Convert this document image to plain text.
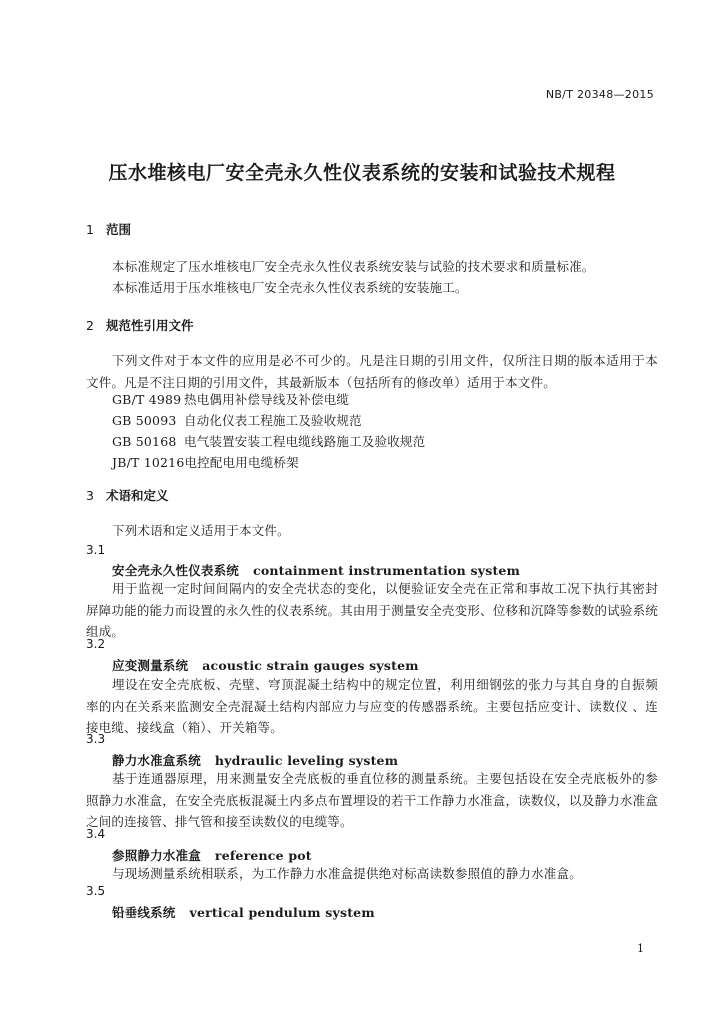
NB/T 20348—2015
压水堆核电厂安全壳永久性仪表系统的安装和试验技术规程
1 范围
本标准规定了压水堆核电厂安全壳永久性仪表系统安装与试验的技术要求和质量标准。
本标准适用于压水堆核电厂安全壳永久性仪表系统的安装施工。
2 规范性引用文件
下列文件对于本文件的应用是必不可少的。凡是注日期的引用文件，仅所注日期的版本适用于本文件。凡是不注日期的引用文件，其最新版本（包括所有的修改单）适用于本文件。
GB/T 4989 热电偶用补偿导线及补偿电缆
GB 50093 自动化仪表工程施工及验收规范
GB 50168 电气装置安装工程电缆线路施工及验收规范
JB/T 10216电控配电用电缆桥架
3 术语和定义
下列术语和定义适用于本文件。
3.1
安全壳永久性仪表系统 containment instrumentation system
用于监视一定时间间隔内的安全壳状态的变化，以便验证安全壳在正常和事故工况下执行其密封屏障功能的能力而设置的永久性的仪表系统。其由用于测量安全壳变形、位移和沉降等参数的试验系统组成。
3.2
应变测量系统 acoustic strain gauges system
埋设在安全壳底板、壳壁、穹顶混凝土结构中的规定位置，利用细钢弦的张力与其自身的自振频率的内在关系来监测安全壳混凝土结构内部应力与应变的传感器系统。主要包括应变计、读数仪 、连接电缆、接线盒（箱）、开关箱等。
3.3
静力水准盒系统 hydraulic leveling system
基于连通器原理，用来测量安全壳底板的垂直位移的测量系统。主要包括设在安全壳底板外的参照静力水准盒，在安全壳底板混凝土内多点布置埋设的若干工作静力水准盒，读数仪，以及静力水准盒之间的连接管、排气管和接至读数仪的电缆等。
3.4
参照静力水准盒 reference pot
与现场测量系统相联系，为工作静力水准盒提供绝对标高读数参照值的静力水准盒。
3.5
铅垂线系统 vertical pendulum system
1
